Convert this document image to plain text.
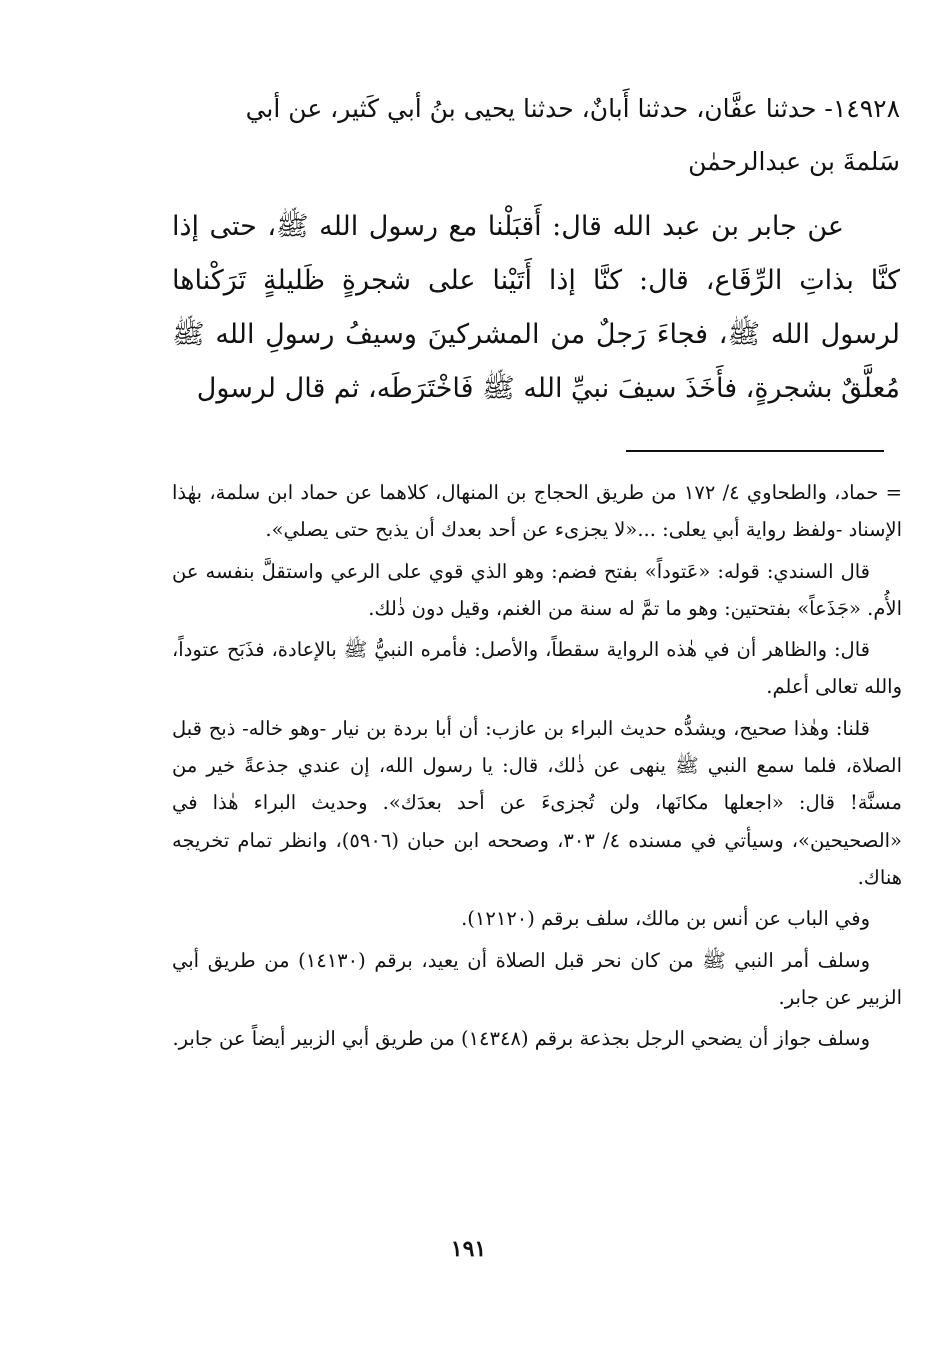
١٤٩٢٨- حدثنا عفَّان، حدثنا أَبانٌ، حدثنا يحيى بنُ أبي كَثير، عن أبي

سَلمةَ بن عبدالرحمٰن

عن جابر بن عبد الله قال: أَقبَلْنا مع رسول الله ﷺ، حتى إذا كنَّا بذاتِ الرِّقَاع، قال: كنَّا إذا أَتَيْنا على شجرةٍ ظَليلةٍ تَرَكْناها لرسول الله ﷺ، فجاءَ رَجلٌ من المشركينَ وسيفُ رسولِ الله ﷺ مُعلَّقٌ بشجرةٍ، فأَخَذَ سيفَ نبيِّ الله ﷺ فَاخْتَرَطَه، ثم قال لرسول

= حماد، والطحاوي ٤/ ١٧٢ من طريق الحجاج بن المنهال، كلاهما عن حماد ابن سلمة، بهٰذا الإسناد -ولفظ رواية أبي يعلى: ...«لا يجزىء عن أحد بعدك أن يذبح حتى يصلي».

قال السندي: قوله: «عَتوداً» بفتح فضم: وهو الذي قوي على الرعي واستقلَّ بنفسه عن الأُم. «جَذَعاً» بفتحتين: وهو ما تمَّ له سنة من الغنم، وقيل دون ذٰلك.

قال: والظاهر أن في هٰذه الرواية سقطاً، والأصل: فأمره النبيُّ ﷺ بالإعادة، فذَبَح عتوداً، والله تعالى أعلم.

قلنا: وهٰذا صحيح، ويشدُّه حديث البراء بن عازب: أن أبا بردة بن نيار -وهو خاله- ذبح قبل الصلاة، فلما سمع النبي ﷺ ينهى عن ذٰلك، قال: يا رسول الله، إن عندي جذعةً خير من مسنَّة! قال: «اجعلها مكانَها، ولن تُجزىءَ عن أحد بعدَك». وحديث البراء هٰذا في «الصحيحين»، وسيأتي في مسنده ٤/ ٣٠٣، وصححه ابن حبان (٥٩٠٦)، وانظر تمام تخريجه هناك.

وفي الباب عن أنس بن مالك، سلف برقم (١٢١٢٠).

وسلف أمر النبي ﷺ من كان نحر قبل الصلاة أن يعيد، برقم (١٤١٣٠) من طريق أبي الزبير عن جابر.

وسلف جواز أن يضحي الرجل بجذعة برقم (١٤٣٤٨) من طريق أبي الزبير أيضاً عن جابر.

١٩١
